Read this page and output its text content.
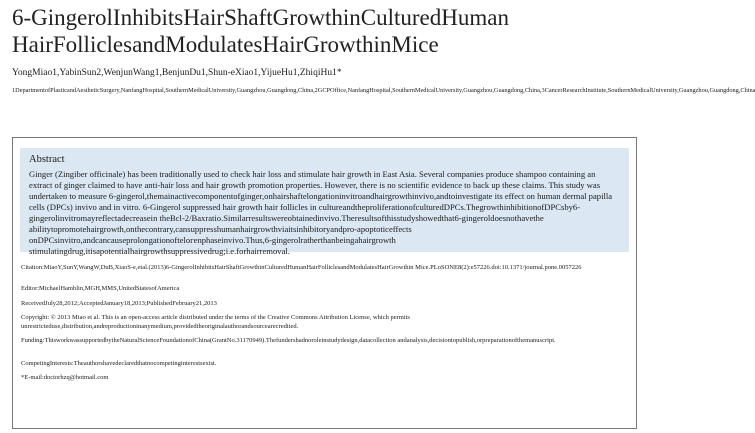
6-GingerolInhibitsHairShaftGrowthinCulturedHuman
HairFolliclesandModulatesHairGrowthinMice
YongMiao1,YabinSun2,WenjunWang1,BenjunDu1,Shun-eXiao1,YijueHu1,ZhiqiHu1*
1DepartmentofPlasticandAestheticSurgery,NanfangHospital,SouthernMedicalUniversity,Guangzhou,Guangdong,China,2GCPOffice,NanfangHospital,SouthernMedicalUniversity,Guangzhou,Guangdong,China,3CancerResearchInstitute,SouthernMedicalUniversity,Guangzhou,Guangdong,China
Abstract
Ginger (Zingiber officinale) has been traditionally used to check hair loss and stimulate hair growth in East Asia. Several companies produce shampoo containing an extract of ginger claimed to have anti-hair loss and hair growth promotion properties. However, there is no scientific evidence to back up these claims. This study was undertaken to measure 6-gingerol,themainactivecomponentofginger,onhairshaftelongationinvitroandhairgrowthinvivo,andtoinvestigate its effect on human dermal papilla cells (DPCs) invivo and in vitro. 6-Gingerol suppressed hair growth hair follicles in cultureandtheproliferationofculturedDPCs.ThegrowthinhibitionofDPCsby6-gingerolinvitromayreflectadecreasein theBcl-2/Baxratio.Similarresultswereobtainedinvivo.Theresultsofthisstudyshowedthat6-gingeroldoesnothavethe abilitytopromotehairgrowth,onthecontrary,cansuppresshumanhairgrowthviaitsinhibitoryandpro-apoptoticeffects onDPCsinvitro,andcancauseprolongationofteloгenphaseinvivo.Thus,6-gingerolratherthanbeingahairgrowth stimulatingdrug,itisapotentialhairgrowthsuppressivedrug;i.e.forhairremoval.
Citation:MiaoY,SunY,WangW,DuB,XiaoS-e,etal.(2013)6-GingerolInhibitsHairShaftGrowthinCulturedHumanHairFolliclesandModulatesHairGrowthin Mice.PLoSONE8(2):e57226.doi:10.1371/journal.pone.0057226
Editor:MichaelHamblin,MGH,MMS,UnitedStatesofAmerica
ReceivedJuly28,2012;AcceptedJanuary18,2013;PublishedFebruary21,2013
Copyright: © 2013 Miao et al. This is an open-access article distributed under the terms of the Creative Commons Attribution License, which permits unrestricteduse,distribution,andreproductioninanymedium,providedtheoriginalauthorandsourcearecredited.
Funding:ThisworkwassupportedbytheNaturalScienceFoundationofChina(GrantNo.31170949).Thefundershadnoroleinstudydesign,datacollection andanalysis,decisiontopublish,orpreparationofthemanuscript.
CompetingInterests:Theauthorshavedeclaredthatnocompetinginterestsexist.
*E-mail:doctorhzq@hotmail.com
